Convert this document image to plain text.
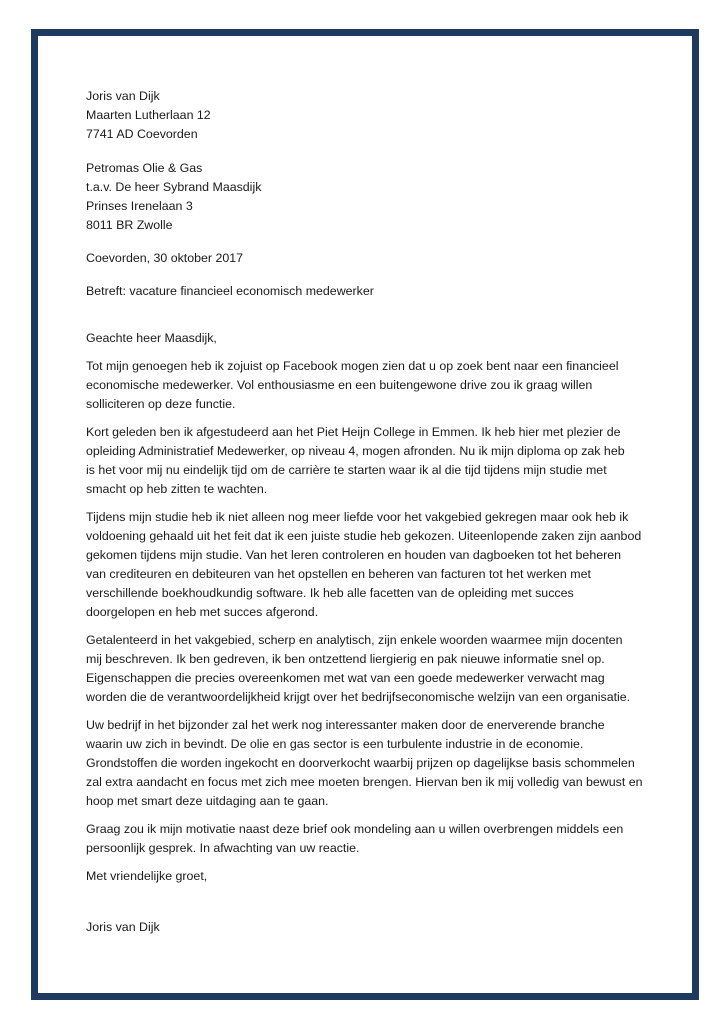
Joris van Dijk
Maarten Lutherlaan 12
7741 AD Coevorden
Petromas Olie & Gas
t.a.v. De heer Sybrand Maasdijk
Prinses Irenelaan 3
8011 BR Zwolle
Coevorden, 30 oktober 2017
Betreft: vacature financieel economisch medewerker
Geachte heer Maasdijk,
Tot mijn genoegen heb ik zojuist op Facebook mogen zien dat u op zoek bent naar een financieel
economische medewerker. Vol enthousiasme en een buitengewone drive zou ik graag willen
solliciteren op deze functie.
Kort geleden ben ik afgestudeerd aan het Piet Heijn College in Emmen. Ik heb hier met plezier de
opleiding Administratief Medewerker, op niveau 4, mogen afronden. Nu ik mijn diploma op zak heb
is het voor mij nu eindelijk tijd om de carrière te starten waar ik al die tijd tijdens mijn studie met
smacht op heb zitten te wachten.
Tijdens mijn studie heb ik niet alleen nog meer liefde voor het vakgebied gekregen maar ook heb ik
voldoening gehaald uit het feit dat ik een juiste studie heb gekozen. Uiteenlopende zaken zijn aanbod
gekomen tijdens mijn studie. Van het leren controleren en houden van dagboeken tot het beheren
van crediteuren en debiteuren van het opstellen en beheren van facturen tot het werken met
verschillende boekhoudkundig software. Ik heb alle facetten van de opleiding met succes
doorgelopen en heb met succes afgerond.
Getalenteerd in het vakgebied, scherp en analytisch, zijn enkele woorden waarmee mijn docenten
mij beschreven. Ik ben gedreven, ik ben ontzettend liergierig en pak nieuwe informatie snel op.
Eigenschappen die precies overeenkomen met wat van een goede medewerker verwacht mag
worden die de verantwoordelijkheid krijgt over het bedrijfseconomische welzijn van een organisatie.
Uw bedrijf in het bijzonder zal het werk nog interessanter maken door de enerverende branche
waarin uw zich in bevindt. De olie en gas sector is een turbulente industrie in de economie.
Grondstoffen die worden ingekocht en doorverkocht waarbij prijzen op dagelijkse basis schommelen
zal extra aandacht en focus met zich mee moeten brengen. Hiervan ben ik mij volledig van bewust en
hoop met smart deze uitdaging aan te gaan.
Graag zou ik mijn motivatie naast deze brief ook mondeling aan u willen overbrengen middels een
persoonlijk gesprek. In afwachting van uw reactie.
Met vriendelijke groet,
Joris van Dijk
